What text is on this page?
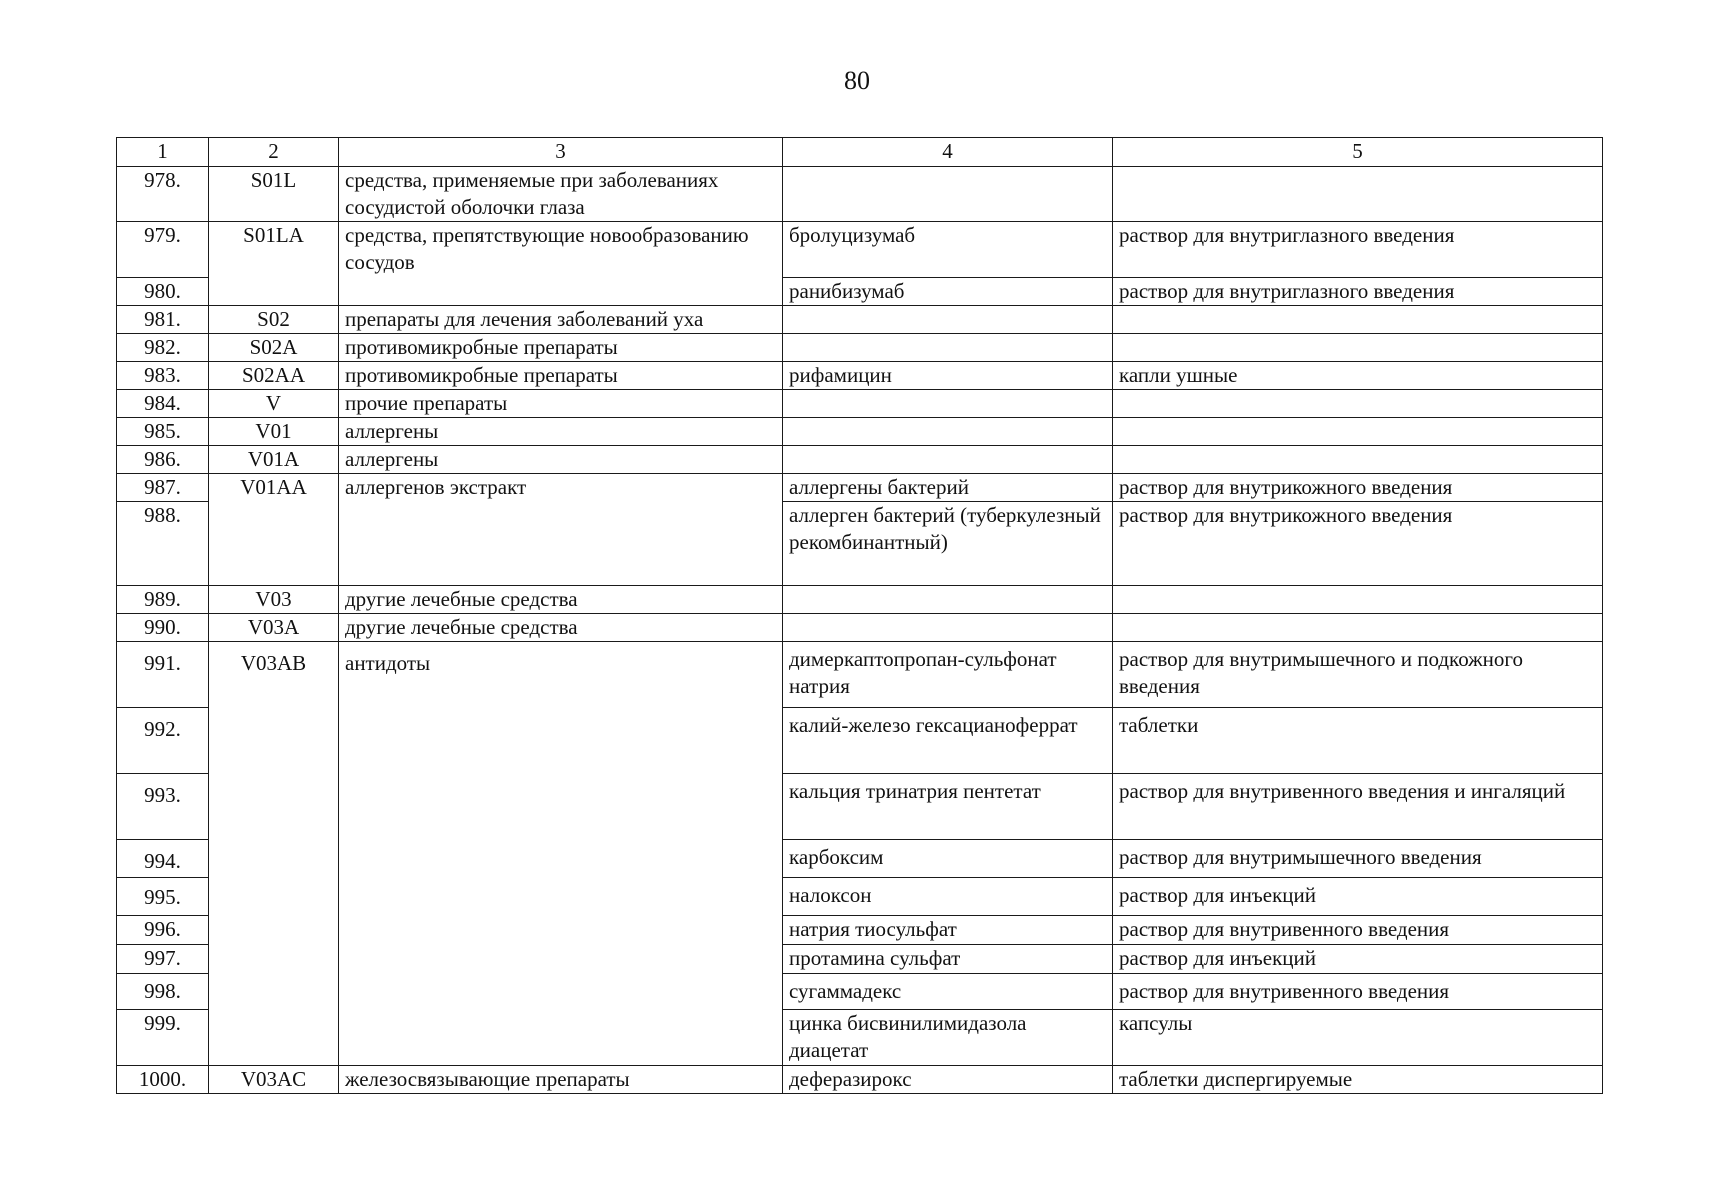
80
1	2	3	4	5
978.	S01L	средства, применяемые при заболеваниях сосудистой оболочки глаза		
979.	S01LA	средства, препятствующие новообразованию сосудов	бролуцизумаб	раствор для внутриглазного введения
980.			ранибизумаб	раствор для внутриглазного введения
981.	S02	препараты для лечения заболеваний уха		
982.	S02A	противомикробные препараты		
983.	S02AA	противомикробные препараты	рифамицин	капли ушные
984.	V	прочие препараты		
985.	V01	аллергены		
986.	V01A	аллергены		
987.	V01AA	аллергенов экстракт	аллергены бактерий	раствор для внутрикожного введения
988.			аллерген бактерий (туберкулезный рекомбинантный)	раствор для внутрикожного введения
989.	V03	другие лечебные средства		
990.	V03A	другие лечебные средства		
991.	V03AB	антидоты	димеркаптопропан-сульфонат натрия	раствор для внутримышечного и подкожного введения
992.			калий-железо гексацианоферрат	таблетки
993.			кальция тринатрия пентетат	раствор для внутривенного введения и ингаляций
994.			карбоксим	раствор для внутримышечного введения
995.			налоксон	раствор для инъекций
996.			натрия тиосульфат	раствор для внутривенного введения
997.			протамина сульфат	раствор для инъекций
998.			сугаммадекс	раствор для внутривенного введения
999.			цинка бисвинилимидазола диацетат	капсулы
1000.	V03AC	железосвязывающие препараты	деферазирокс	таблетки диспергируемые
